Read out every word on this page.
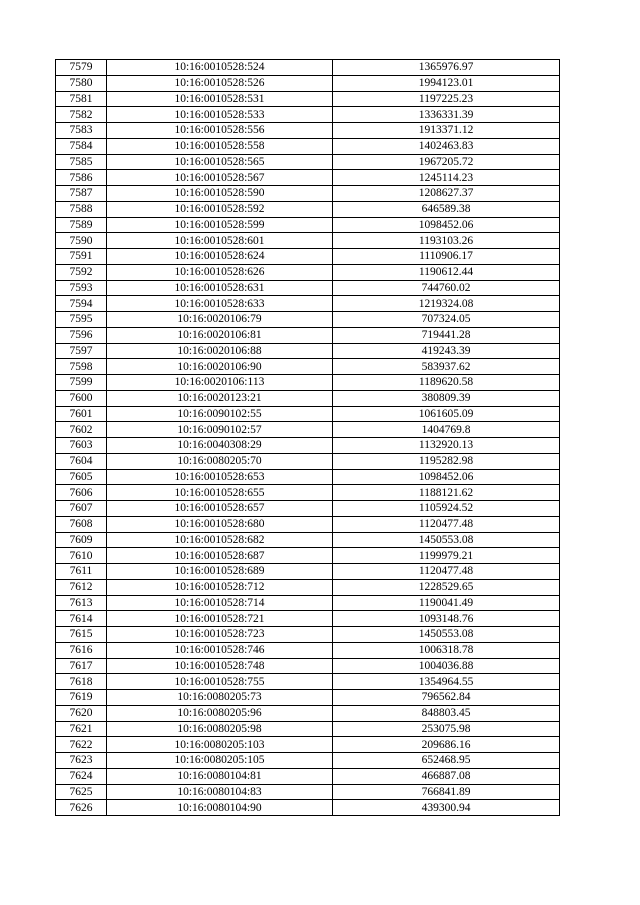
7579	10:16:0010528:524	1365976.97
7580	10:16:0010528:526	1994123.01
7581	10:16:0010528:531	1197225.23
7582	10:16:0010528:533	1336331.39
7583	10:16:0010528:556	1913371.12
7584	10:16:0010528:558	1402463.83
7585	10:16:0010528:565	1967205.72
7586	10:16:0010528:567	1245114.23
7587	10:16:0010528:590	1208627.37
7588	10:16:0010528:592	646589.38
7589	10:16:0010528:599	1098452.06
7590	10:16:0010528:601	1193103.26
7591	10:16:0010528:624	1110906.17
7592	10:16:0010528:626	1190612.44
7593	10:16:0010528:631	744760.02
7594	10:16:0010528:633	1219324.08
7595	10:16:0020106:79	707324.05
7596	10:16:0020106:81	719441.28
7597	10:16:0020106:88	419243.39
7598	10:16:0020106:90	583937.62
7599	10:16:0020106:113	1189620.58
7600	10:16:0020123:21	380809.39
7601	10:16:0090102:55	1061605.09
7602	10:16:0090102:57	1404769.8
7603	10:16:0040308:29	1132920.13
7604	10:16:0080205:70	1195282.98
7605	10:16:0010528:653	1098452.06
7606	10:16:0010528:655	1188121.62
7607	10:16:0010528:657	1105924.52
7608	10:16:0010528:680	1120477.48
7609	10:16:0010528:682	1450553.08
7610	10:16:0010528:687	1199979.21
7611	10:16:0010528:689	1120477.48
7612	10:16:0010528:712	1228529.65
7613	10:16:0010528:714	1190041.49
7614	10:16:0010528:721	1093148.76
7615	10:16:0010528:723	1450553.08
7616	10:16:0010528:746	1006318.78
7617	10:16:0010528:748	1004036.88
7618	10:16:0010528:755	1354964.55
7619	10:16:0080205:73	796562.84
7620	10:16:0080205:96	848803.45
7621	10:16:0080205:98	253075.98
7622	10:16:0080205:103	209686.16
7623	10:16:0080205:105	652468.95
7624	10:16:0080104:81	466887.08
7625	10:16:0080104:83	766841.89
7626	10:16:0080104:90	439300.94
